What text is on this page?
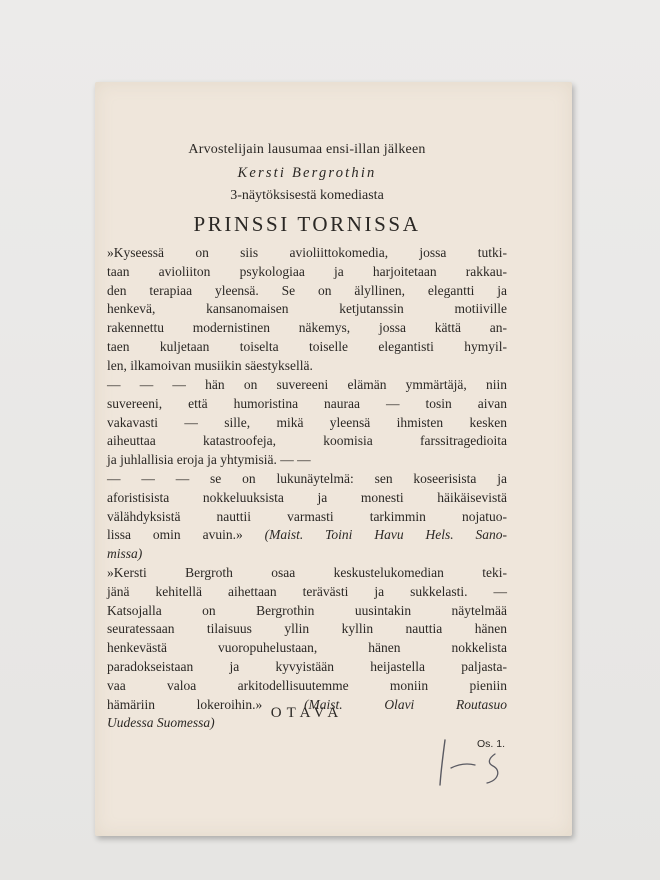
Arvostelijain lausumaa ensi-illan jälkeen
Kersti Bergrothin
3-näytöksisestä komediasta
PRINSSI TORNISSA
»Kyseessä on siis avioliittokomedia, jossa tutki-
taan avioliiton psykologiaa ja harjoitetaan rakkau-
den terapiaa yleensä. Se on älyllinen, elegantti ja
henkevä, kansanomaisen ketjutanssin motiiville
rakennettu modernistinen näkemys, jossa kättä an-
taen kuljetaan toiselta toiselle elegantisti hymyil-
len, ilkamoivan musiikin säestyksellä.
— — — hän on suvereeni elämän ymmärtäjä, niin
suvereeni, että humoristina nauraa — tosin aivan
vakavasti — sille, mikä yleensä ihmisten kesken
aiheuttaa katastroofeja, koomisia farssitragedioita
ja juhlallisia eroja ja yhtymisiä. — —
— — — se on lukunäytelmä: sen koseerisista ja
aforistisista nokkeluuksista ja monesti häikäisevistä
välähdyksistä nauttii varmasti tarkimmin nojatuo-
lissa omin avuin.» (Maist. Toini Havu Hels. Sano-
missa)
»Kersti Bergroth osaa keskustelukomedian teki-
jänä kehitellä aihettaan terävästi ja sukkelasti. —
Katsojalla on Bergrothin uusintakin näytelmää
seuratessaan tilaisuus yllin kyllin nauttia hänen
henkevästä vuoropuhelustaan, hänen nokkelista
paradokseistaan ja kyvyistään heijastella paljasta-
vaa valoa arkitodellisuutemme moniin pieniin
hämäriin lokeroihin.»	(Maist. Olavi Routasuo
Uudessa Suomessa)
OTAVA
Os. 1.
